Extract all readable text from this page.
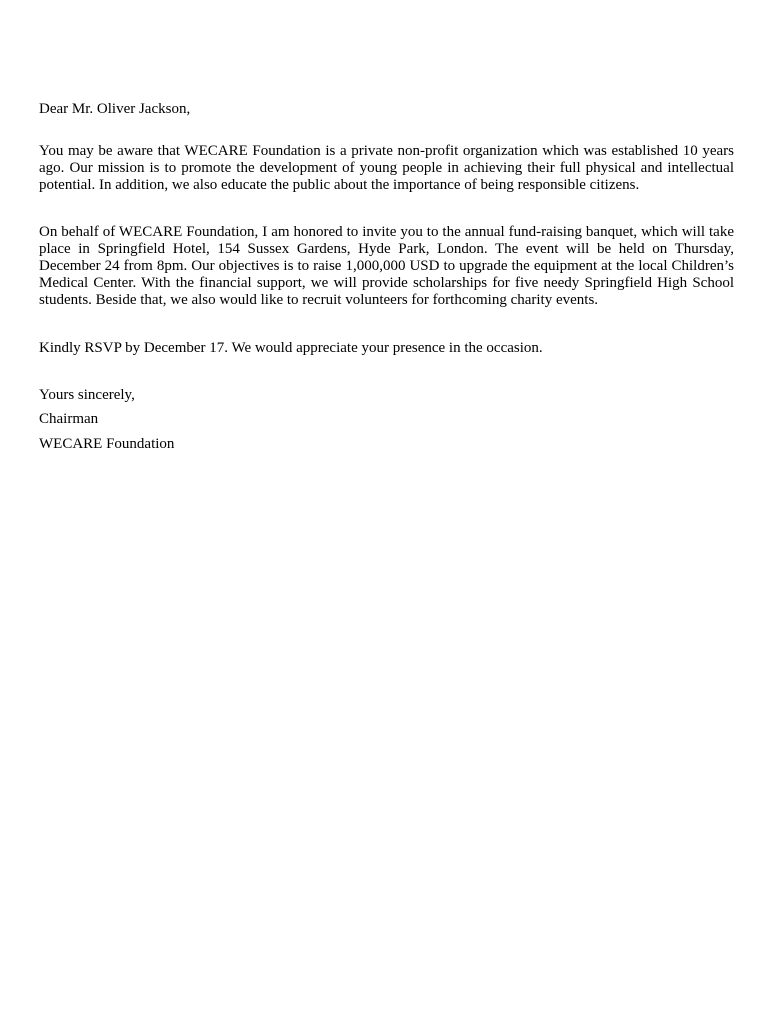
Dear Mr. Oliver Jackson,
You may be aware that WECARE Foundation is a private non-profit organization which was established 10 years ago. Our mission is to promote the development of young people in achieving their full physical and intellectual potential. In addition, we also educate the public about the importance of being responsible citizens.
On behalf of WECARE Foundation, I am honored to invite you to the annual fund-raising banquet, which will take place in Springfield Hotel, 154 Sussex Gardens, Hyde Park, London. The event will be held on Thursday, December 24 from 8pm. Our objectives is to raise 1,000,000 USD to upgrade the equipment at the local Children’s Medical Center. With the financial support, we will provide scholarships for five needy Springfield High School students. Beside that, we also would like to recruit volunteers for forthcoming charity events.
Kindly RSVP by December 17. We would appreciate your presence in the occasion.
Yours sincerely,
Chairman
WECARE Foundation
